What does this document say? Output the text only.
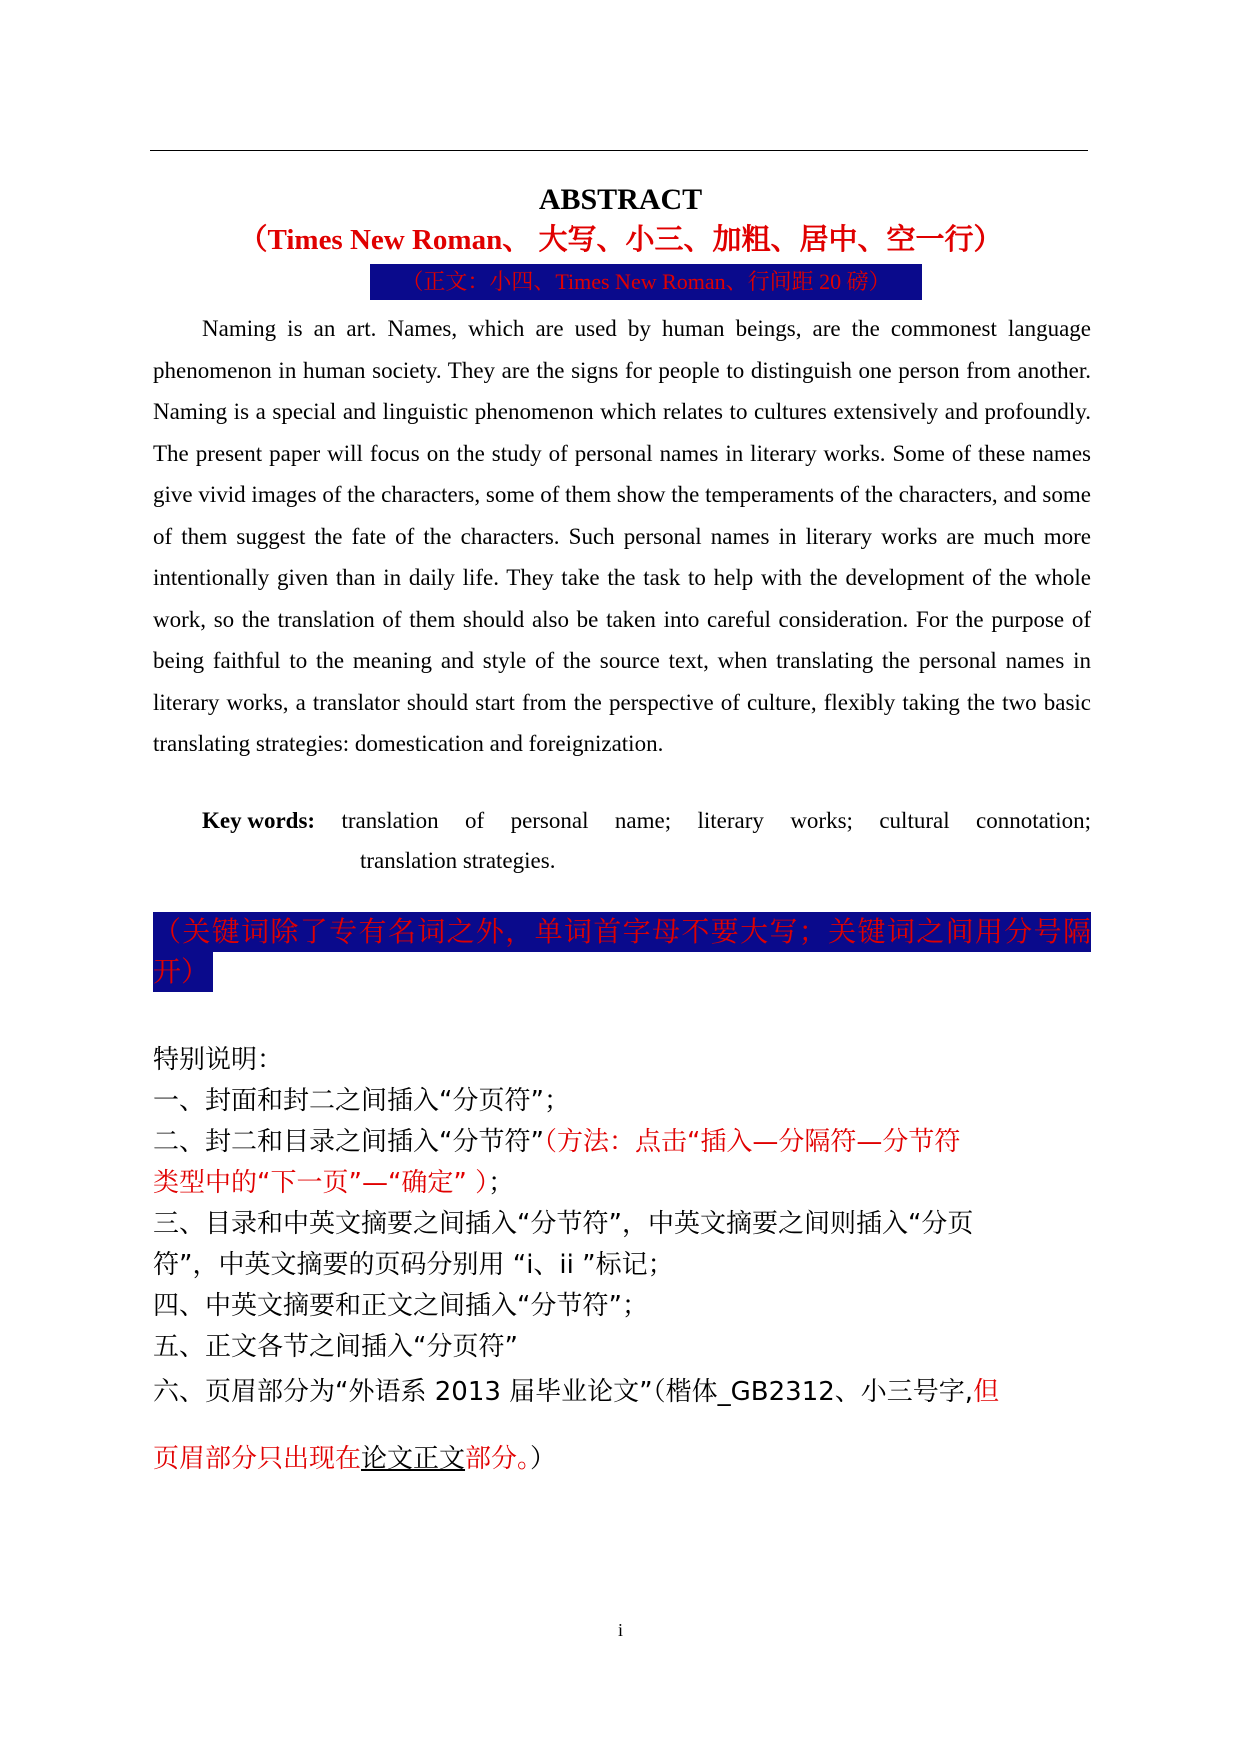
ABSTRACT
（Times New Roman、 大写、小三、加粗、居中、空一行）
（正文：小四、Times New Roman、行间距 20 磅）

Naming is an art. Names, which are used by human beings, are the commonest language phenomenon in human society. They are the signs for people to distinguish one person from another. Naming is a special and linguistic phenomenon which relates to cultures extensively and profoundly. The present paper will focus on the study of personal names in literary works. Some of these names give vivid images of the characters, some of them show the temperaments of the characters, and some of them suggest the fate of the characters. Such personal names in literary works are much more intentionally given than in daily life. They take the task to help with the development of the whole work, so the translation of them should also be taken into careful consideration. For the purpose of being faithful to the meaning and style of the source text, when translating the personal names in literary works, a translator should start from the perspective of culture, flexibly taking the two basic translating strategies: domestication and foreignization.

Key words: translation of personal name; literary works; cultural connotation;
translation strategies.
（关键词除了专有名词之外，单词首字母不要大写；关键词之间用分号隔
开）
特别说明：
一、封面和封二之间插入“分页符”；
二、封二和目录之间插入“分节符”（方法：点击“插入—分隔符—分节符
类型中的“下一页”—“确定” ）；
三、目录和中英文摘要之间插入“分节符”，中英文摘要之间则插入“分页
符”，中英文摘要的页码分别用 “i、ii ”标记；
四、中英文摘要和正文之间插入“分节符”；
五、正文各节之间插入“分页符”
六、页眉部分为“外语系 2013 届毕业论文”（楷体_GB2312、小三号字,但
页眉部分只出现在论文正文部分。）
i
